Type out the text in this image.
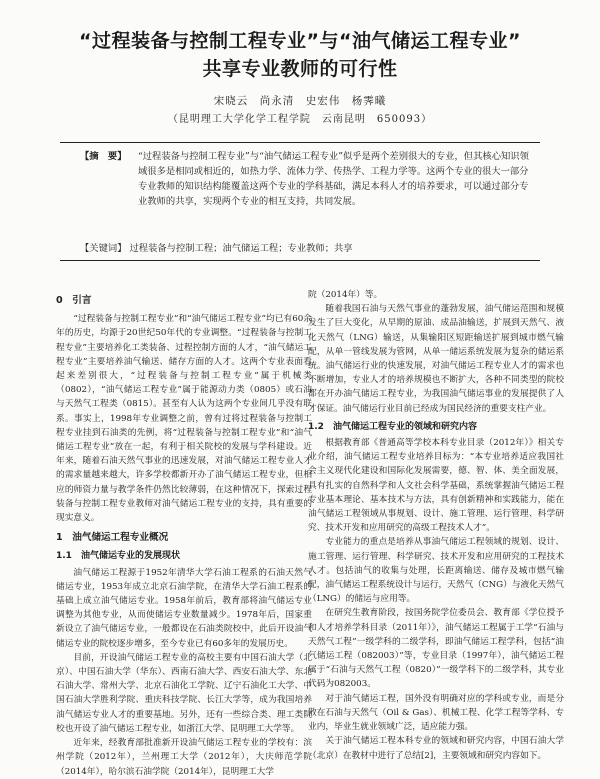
“过程装备与控制工程专业”与“油气储运工程专业”
共享专业教师的可行性
宋晓云　尚永清　史宏伟　杨霁曦
（昆明理工大学化学工程学院　云南昆明　650093）
【摘　要】	“过程装备与控制工程专业”与“油气储运工程专业”似乎是两个差别很大的专业，但其核心知识领域很多是相同或相近的，如热力学、流体力学、传热学、工程力学等。这两个专业的很大一部分专业教师的知识结构能覆盖这两个专业的学科基础，满足本科人才的培养要求，可以通过部分专业教师的共享，实现两个专业的相互支持，共同发展。
【关键词】 过程装备与控制工程；油气储运工程；专业教师；共享
0　引言

“过程装备与控制工程专业”和“油气储运工程专业”均已有60余年的历史，均源于20世纪50年代的专业调整。“过程装备与控制工程专业”主要培养化工类装备、过程控制方面的人才，“油气储运工程专业”主要培养油气输送、储存方面的人才。这两个专业表面看起来差别很大，“过程装备与控制工程专业”属于机械类（0802），“油气储运工程专业”属于能源动力类（0805）或石油与天然气工程类（0815）。甚至有人认为这两个专业间几乎没有联系。事实上，1998年专业调整之前，曾有过将过程装备与控制工程专业挂到石油类的先例，将“过程装备与控制工程专业”和“油气储运工程专业”放在一起，有利于相关院校的发展与学科建设。近年来，随着石油天然气事业的迅速发展，对油气储运工程专业人才的需求量越来越大，许多学校都新开办了油气储运工程专业，但相应的师资力量与教学条件仍然比较薄弱，在这种情况下，探索过程装备与控制工程专业教师对油气储运工程专业的支持，具有重要的现实意义。

1　油气储运工程专业概况
1.1　油气储运专业的发展现状

油气储运工程源于1952年清华大学石油工程系的石油天然气储运专业，1953年成立北京石油学院，在清华大学石油工程系的基础上成立油气储运专业。1958年前后，教育部将油气储运专业调整为其他专业，从而使储运专业数量减少。1978年后，国家重新设立了油气储运专业，一般都设在石油类院校中，此后开设油气储运专业的院校逐步增多，至今专业已有60多年的发展历史。

目前，开设油气储运工程专业的高校主要有中国石油大学（北京）、中国石油大学（华东）、西南石油大学、西安石油大学、东北石油大学、常州大学、北京石油化工学院、辽宁石油化工大学、中国石油大学胜利学院、重庆科技学院、长江大学等，成为我国培养油气储运专业人才的重要基地。另外，还有一些综合类、理工类院校也开设了油气储运工程专业，如浙江大学、昆明理工大学等。

近年来，经教育部批准新开设油气储运工程专业的学校有：滨州学院（2012年），兰州理工大学（2012年），大庆师范学院（2014年），哈尔滨石油学院（2014年），昆明理工大学

院（2014年）等。

随着我国石油与天然气事业的蓬勃发展，油气储运范围和规模发生了巨大变化，从早期的原油、成品油输送，扩展到天然气、液化天然气（LNG）输送，从集输阳区短距输送扩展到城市燃气输配，从单一管线发展为管网，从单一储运系统发展为复杂的储运系统。油气储运行业的快速发展，对油气储运工程专业人才的需求也不断增加，专业人才的培养规模也不断扩大，各种不同类型的院校都在开办油气储运工程专业，为我国油气储运事业的发展提供了人才保证。油气储运行业目前已经成为国民经济的重要支柱产业。

1.2　油气储运工程专业的领域和研究内容

根据教育部《普通高等学校本科专业目录（2012年）》相关专业介绍，油气储运工程专业培养目标为：“本专业培养适应我国社会主义现代化建设和国际化发展需要，德、智、体、美全面发展，具有扎实的自然科学和人文社会科学基础，系统掌握油气储运工程专业基本理论、基本技术与方法，具有创新精神和实践能力，能在油气储运工程领域从事规划、设计、施工管理、运行管理、科学研究、技术开发和应用研究的高级工程技术人才”。

专业能力的重点是培养从事油气储运工程领域的规划、设计、施工管理、运行管理、科学研究、技术开发和应用研究的工程技术人才。包括油气的收集与处理，长距离输送、储存及城市燃气输配，油气储运工程系统设计与运行，天然气（CNG）与液化天然气（LNG）的储运与应用等。

在研究生教育阶段，按国务院学位委员会、教育部《学位授予和人才培养学科目录（2011年）》，油气储运工程属于工学“石油与天然气工程”一级学科的二级学科，即油气储运工程学科，包括“油气储运工程（082003）”等，专业目录（1997年），油气储运工程属于“石油与天然气工程（0820）”一级学科下的二级学科，其专业代码为082003。

对于油气储运工程，国外没有明确对应的学科或专业，而是分散在石油与天然气（Oil & Gas）、机械工程、化学工程等学科、专业内，毕业生就业领域广泛，适应能力强。

关于油气储运工程本科专业的领域和研究内容，中国石油大学（北京）在教材中进行了总结[2]，主要领域和研究内容如下。
